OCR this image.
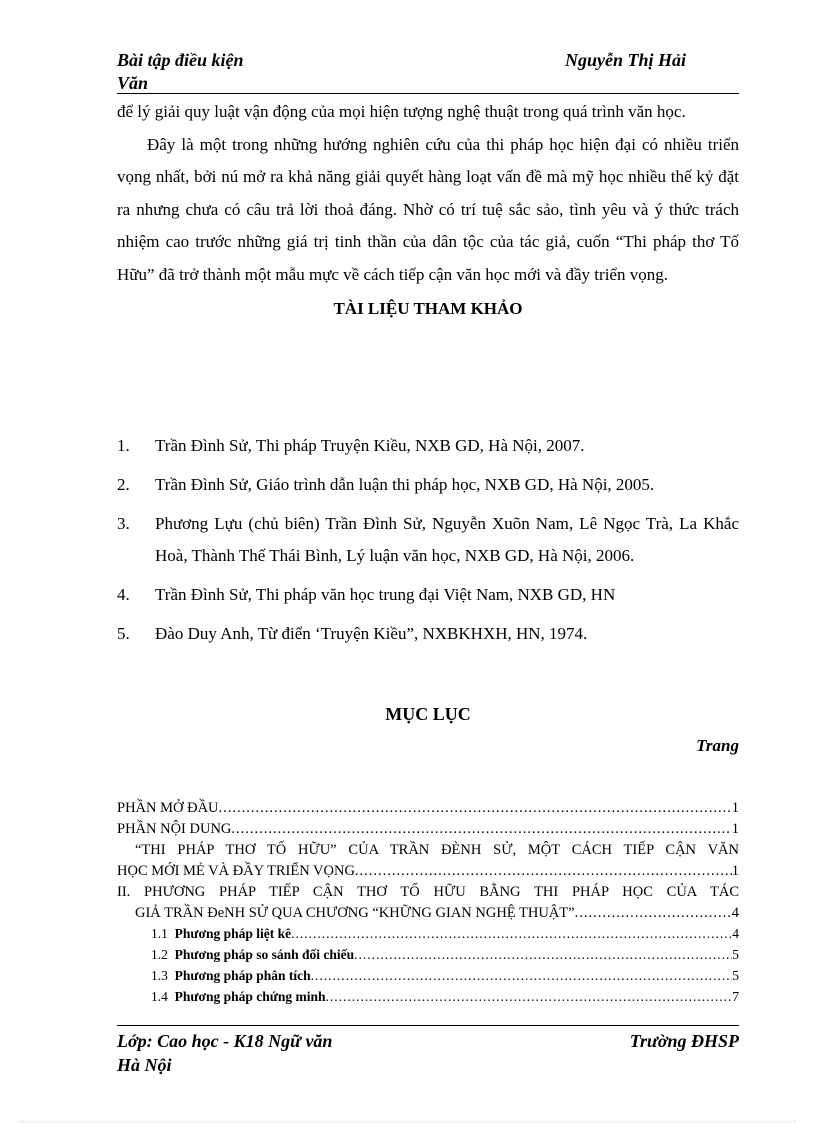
Bài tập điều kiện
Văn
Nguyễn Thị Hải

để lý giải quy luật vận động của mọi hiện tượng nghệ thuật trong quá trình văn học.

Đây là một trong những hướng nghiên cứu của thi pháp học hiện đại có nhiều triển vọng nhất, bởi nú mở ra khả năng giải quyết hàng loạt vấn đề mà mỹ học nhiều thế kỷ đặt ra nhưng chưa có câu trả lời thoả đáng. Nhờ có trí tuệ sắc sảo, tình yêu và ý thức trách nhiệm cao trước những giá trị tinh thần của dân tộc của tác giả, cuốn “Thi pháp thơ Tố Hữu” đã trở thành một mẫu mực về cách tiếp cận văn học mới và đầy triển vọng.

TÀI LIỆU THAM KHẢO

1.	Trần Đình Sử, Thi pháp Truyện Kiều, NXB GD, Hà Nội, 2007.
2.	Trần Đình Sử, Giáo trình dẫn luận thi pháp học, NXB GD, Hà Nội, 2005.
3.	Phương Lựu (chủ biên) Trần Đình Sử, Nguyễn Xuõn Nam, Lê Ngọc Trà, La Khắc Hoà, Thành Thế Thái Bình, Lý luận văn học, NXB GD, Hà Nội, 2006.
4.	Trần Đình Sử, Thi pháp văn học trung đại Việt Nam, NXB GD, HN
5.	Đào Duy Anh, Từ điển ‘Truyện Kiều”, NXBKHXH, HN, 1974.
MỤC LỤC
Trang
PHẦN MỞ ĐẦU .....	1
PHẦN NỘI DUNG .....	1
“THI PHÁP THƠ TỐ HỮU” CỦA TRẦN ĐÈNH SỬ, MỘT CÁCH TIẾP CẬN VĂN
HỌC MỚI MẺ VÀ ĐẦY TRIỂN VỌNG .....	1
II. PHƯƠNG PHÁP TIẾP CẬN THƠ TỐ HỮU BẰNG THI PHÁP HỌC CỦA TÁC
GIẢ TRẦN ĐeNH SỬ QUA CHƯƠNG “KHỮNG GIAN NGHỆ THUẬT” .....	4
1.1 Phương pháp liệt kê .....	4
1.2 Phương pháp so sánh đối chiếu .....	5
1.3 Phương pháp phân tích .....	5
1.4 Phương pháp chứng minh .....	7
Lớp: Cao học - K18 Ngữ văn
Hà Nội
Trường ĐHSP
